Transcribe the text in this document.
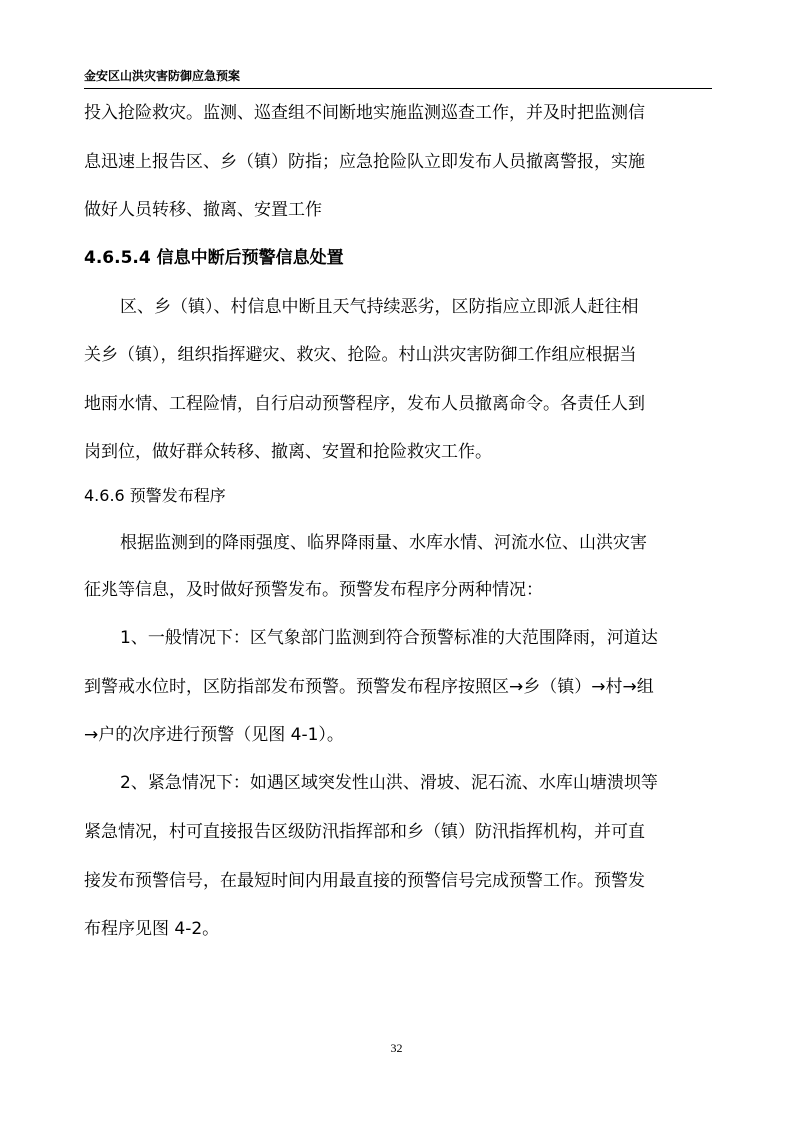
金安区山洪灾害防御应急预案
投入抢险救灾。监测、巡查组不间断地实施监测巡查工作，并及时把监测信
息迅速上报告区、乡（镇）防指；应急抢险队立即发布人员撤离警报，实施
做好人员转移、撤离、安置工作
4.6.5.4 信息中断后预警信息处置
区、乡（镇）、村信息中断且天气持续恶劣，区防指应立即派人赶往相
关乡（镇），组织指挥避灾、救灾、抢险。村山洪灾害防御工作组应根据当
地雨水情、工程险情，自行启动预警程序，发布人员撤离命令。各责任人到
岗到位，做好群众转移、撤离、安置和抢险救灾工作。
4.6.6 预警发布程序
根据监测到的降雨强度、临界降雨量、水库水情、河流水位、山洪灾害
征兆等信息，及时做好预警发布。预警发布程序分两种情况：
1、一般情况下：区气象部门监测到符合预警标准的大范围降雨，河道达
到警戒水位时，区防指部发布预警。预警发布程序按照区→乡（镇）→村→组
→户的次序进行预警（见图 4-1）。
2、紧急情况下：如遇区域突发性山洪、滑坡、泥石流、水库山塘溃坝等
紧急情况，村可直接报告区级防汛指挥部和乡（镇）防汛指挥机构，并可直
接发布预警信号，在最短时间内用最直接的预警信号完成预警工作。预警发
布程序见图 4-2。
32
